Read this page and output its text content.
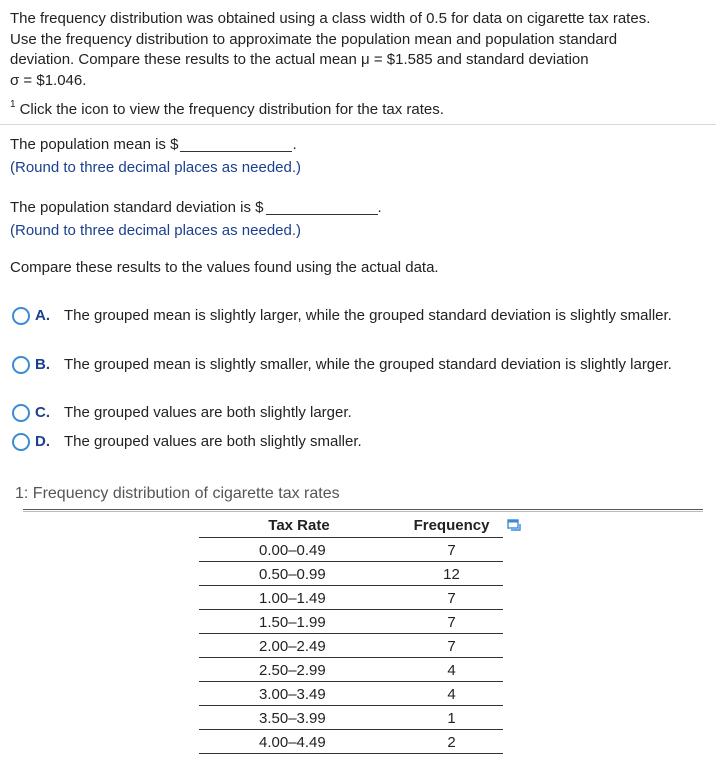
The frequency distribution was obtained using a class width of 0.5 for data on cigarette tax rates.
Use the frequency distribution to approximate the population mean and population standard
deviation. Compare these results to the actual mean μ = $1.585 and standard deviation
σ = $1.046.
$^1$ Click the icon to view the frequency distribution for the tax rates.
The population mean is $	.
(Round to three decimal places as needed.)
The population standard deviation is $	.
(Round to three decimal places as needed.)
Compare these results to the values found using the actual data.
A. The grouped mean is slightly larger, while the grouped standard deviation is slightly smaller.
B. The grouped mean is slightly smaller, while the grouped standard deviation is slightly larger.
C. The grouped values are both slightly larger.
D. The grouped values are both slightly smaller.
1: Frequency distribution of cigarette tax rates
Tax Rate	Frequency
0.00–0.49	7
0.50–0.99	12
1.00–1.49	7
1.50–1.99	7
2.00–2.49	7
2.50–2.99	4
3.00–3.49	4
3.50–3.99	1
4.00–4.49	2
